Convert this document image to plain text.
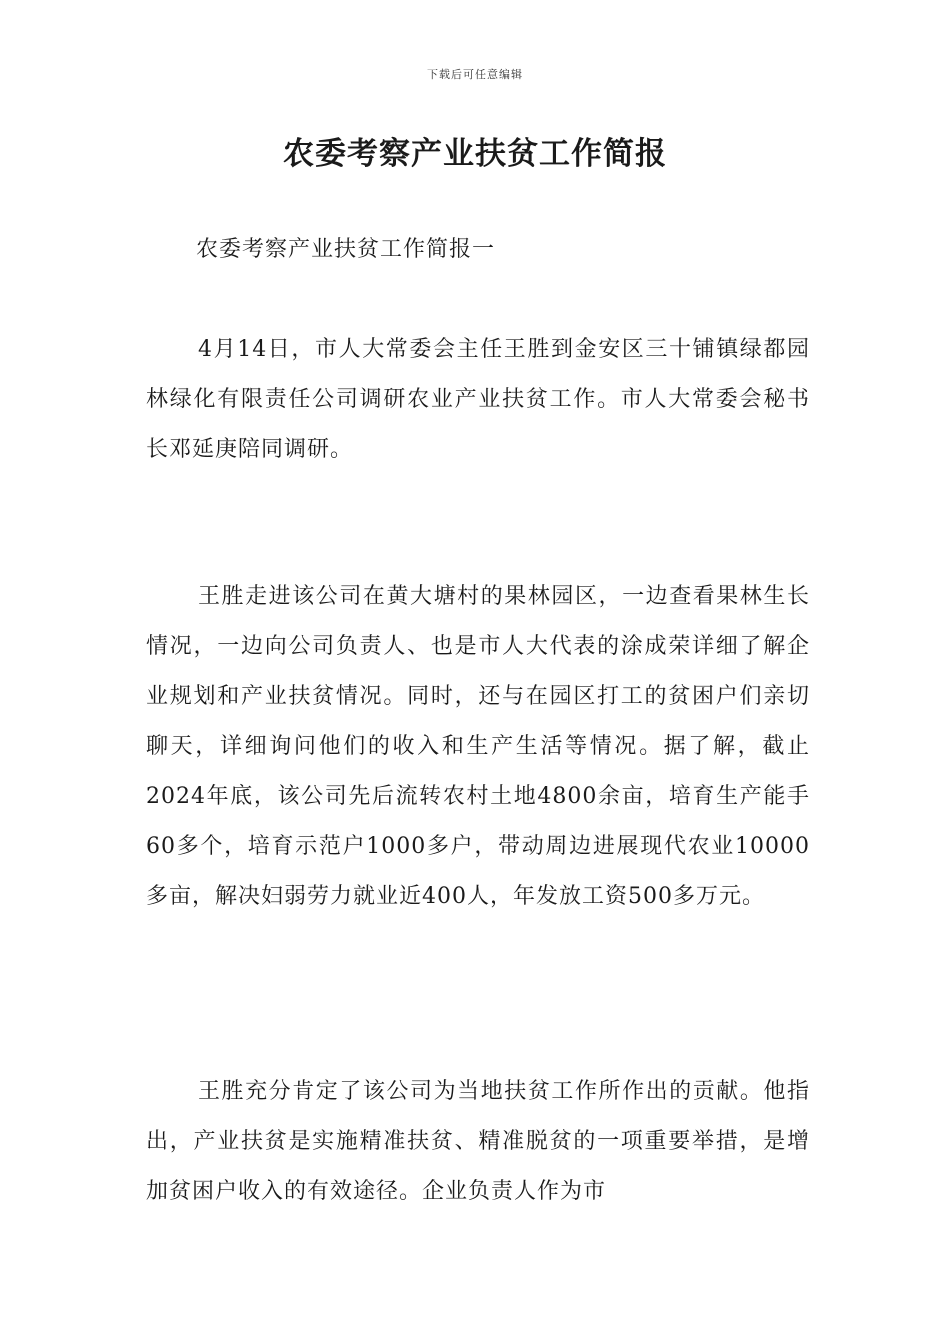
下载后可任意编辑
农委考察产业扶贫工作简报

农委考察产业扶贫工作简报一

4月14日，市人大常委会主任王胜到金安区三十铺镇绿都园林绿化有限责任公司调研农业产业扶贫工作。市人大常委会秘书长邓延庚陪同调研。

王胜走进该公司在黄大塘村的果林园区，一边查看果林生长情况，一边向公司负责人、也是市人大代表的涂成荣详细了解企业规划和产业扶贫情况。同时，还与在园区打工的贫困户们亲切聊天，详细询问他们的收入和生产生活等情况。据了解，截止2024年底，该公司先后流转农村土地4800余亩，培育生产能手60多个，培育示范户1000多户，带动周边进展现代农业10000多亩，解决妇弱劳力就业近400人，年发放工资500多万元。

王胜充分肯定了该公司为当地扶贫工作所作出的贡献。他指出，产业扶贫是实施精准扶贫、精准脱贫的一项重要举措，是增加贫困户收入的有效途径。企业负责人作为市
